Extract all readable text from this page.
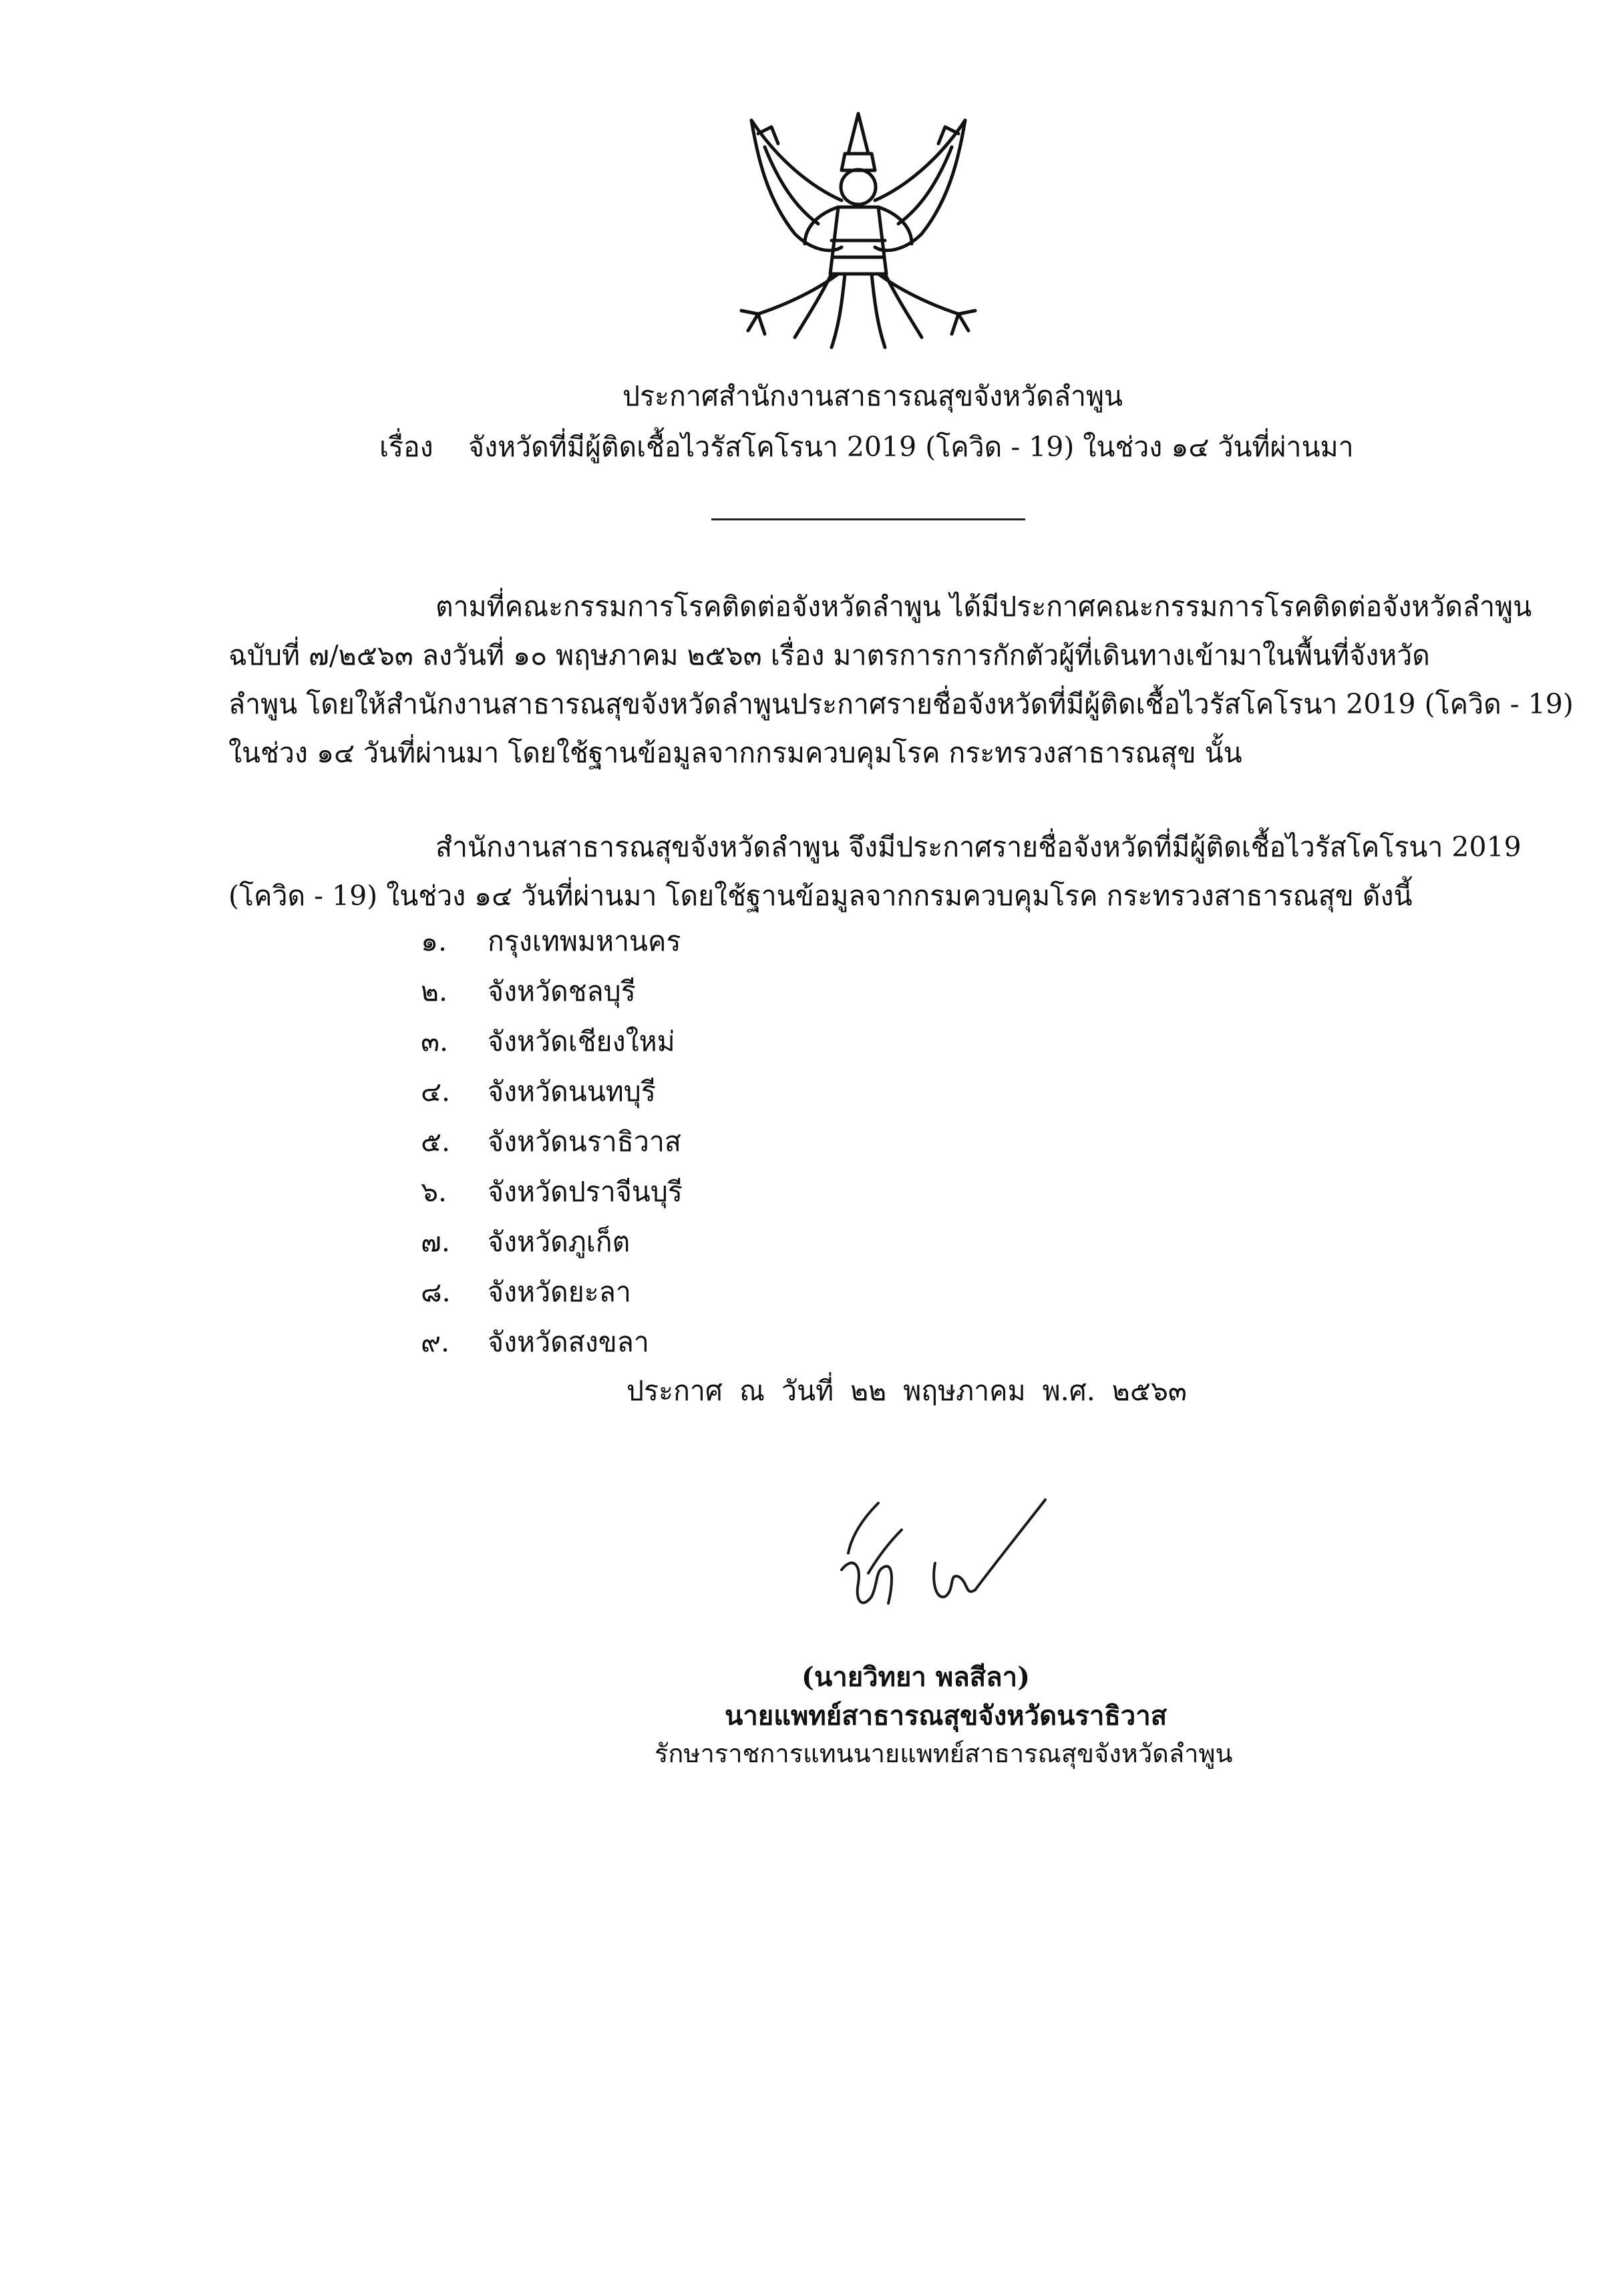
ประกาศสำนักงานสาธารณสุขจังหวัดลำพูน
เรื่อง จังหวัดที่มีผู้ติดเชื้อไวรัสโคโรนา 2019 (โควิด - 19) ในช่วง ๑๔ วันที่ผ่านมา
ตามที่คณะกรรมการโรคติดต่อจังหวัดลำพูน ได้มีประกาศคณะกรรมการโรคติดต่อจังหวัดลำพูน
ฉบับที่ ๗/๒๕๖๓ ลงวันที่ ๑๐ พฤษภาคม ๒๕๖๓ เรื่อง มาตรการการกักตัวผู้ที่เดินทางเข้ามาในพื้นที่จังหวัด
ลำพูน โดยให้สำนักงานสาธารณสุขจังหวัดลำพูนประกาศรายชื่อจังหวัดที่มีผู้ติดเชื้อไวรัสโคโรนา 2019 (โควิด - 19)
ในช่วง ๑๔ วันที่ผ่านมา โดยใช้ฐานข้อมูลจากกรมควบคุมโรค กระทรวงสาธารณสุข นั้น
สำนักงานสาธารณสุขจังหวัดลำพูน จึงมีประกาศรายชื่อจังหวัดที่มีผู้ติดเชื้อไวรัสโคโรนา 2019
(โควิด - 19) ในช่วง ๑๔ วันที่ผ่านมา โดยใช้ฐานข้อมูลจากกรมควบคุมโรค กระทรวงสาธารณสุข ดังนี้
๑. กรุงเทพมหานคร
๒. จังหวัดชลบุรี
๓. จังหวัดเชียงใหม่
๔. จังหวัดนนทบุรี
๕. จังหวัดนราธิวาส
๖. จังหวัดปราจีนบุรี
๗. จังหวัดภูเก็ต
๘. จังหวัดยะลา
๙. จังหวัดสงขลา
ประกาศ ณ วันที่ ๒๒ พฤษภาคม พ.ศ. ๒๕๖๓
(นายวิทยา พลสีลา)
นายแพทย์สาธารณสุขจังหวัดนราธิวาส
รักษาราชการแทนนายแพทย์สาธารณสุขจังหวัดลำพูน
